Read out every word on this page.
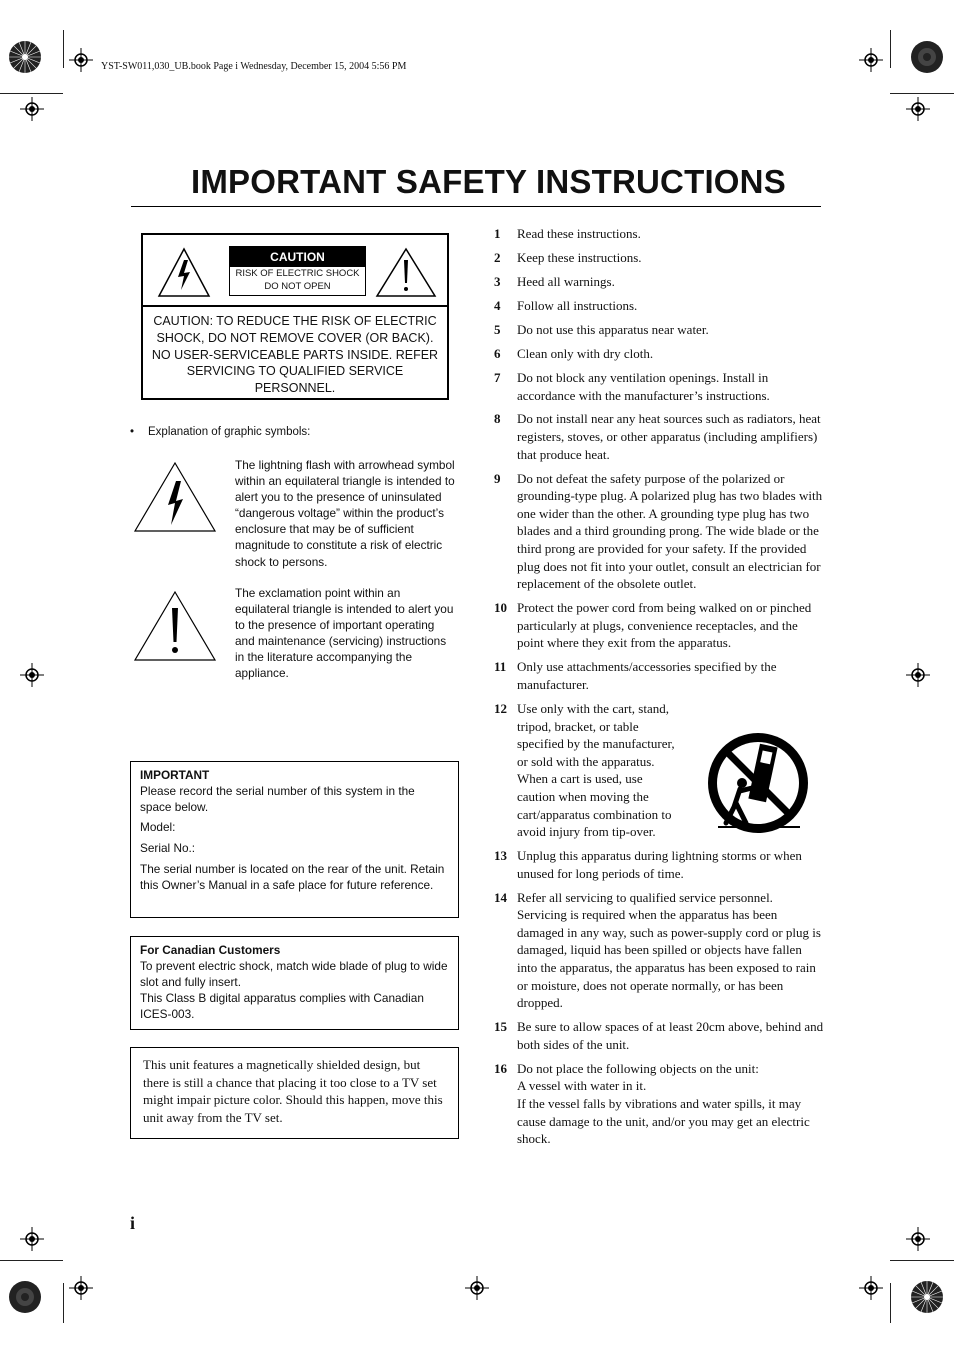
YST-SW011,030_UB.book Page i Wednesday, December 15, 2004 5:56 PM
IMPORTANT SAFETY INSTRUCTIONS
CAUTION
RISK OF ELECTRIC SHOCK
DO NOT OPEN
CAUTION: TO REDUCE THE RISK OF ELECTRIC SHOCK, DO NOT REMOVE COVER (OR BACK). NO USER-SERVICEABLE PARTS INSIDE. REFER SERVICING TO QUALIFIED SERVICE PERSONNEL.
• Explanation of graphic symbols:
The lightning flash with arrowhead symbol within an equilateral triangle is intended to alert you to the presence of uninsulated “dangerous voltage” within the product’s enclosure that may be of sufficient magnitude to constitute a risk of electric shock to persons.
The exclamation point within an equilateral triangle is intended to alert you to the presence of important operating and maintenance (servicing) instructions in the literature accompanying the appliance.
IMPORTANT
Please record the serial number of this system in the space below.
Model:
Serial No.:
The serial number is located on the rear of the unit. Retain this Owner’s Manual in a safe place for future reference.
For Canadian Customers
To prevent electric shock, match wide blade of plug to wide slot and fully insert.
This Class B digital apparatus complies with Canadian ICES-003.
This unit features a magnetically shielded design, but there is still a chance that placing it too close to a TV set might impair picture color. Should this happen, move this unit away from the TV set.
1	Read these instructions.
2	Keep these instructions.
3	Heed all warnings.
4	Follow all instructions.
5	Do not use this apparatus near water.
6	Clean only with dry cloth.
7	Do not block any ventilation openings. Install in accordance with the manufacturer’s instructions.
8	Do not install near any heat sources such as radiators, heat registers, stoves, or other apparatus (including amplifiers) that produce heat.
9	Do not defeat the safety purpose of the polarized or grounding-type plug. A polarized plug has two blades with one wider than the other. A grounding type plug has two blades and a third grounding prong. The wide blade or the third prong are provided for your safety. If the provided plug does not fit into your outlet, consult an electrician for replacement of the obsolete outlet.
10 Protect the power cord from being walked on or pinched particularly at plugs, convenience receptacles, and the point where they exit from the apparatus.
11 Only use attachments/accessories specified by the manufacturer.
12 Use only with the cart, stand, tripod, bracket, or table specified by the manufacturer, or sold with the apparatus. When a cart is used, use caution when moving the cart/apparatus combination to avoid injury from tip-over.
13 Unplug this apparatus during lightning storms or when unused for long periods of time.
14 Refer all servicing to qualified service personnel. Servicing is required when the apparatus has been damaged in any way, such as power-supply cord or plug is damaged, liquid has been spilled or objects have fallen into the apparatus, the apparatus has been exposed to rain or moisture, does not operate normally, or has been dropped.
15 Be sure to allow spaces of at least 20cm above, behind and both sides of the unit.
16 Do not place the following objects on the unit:
A vessel with water in it.
If the vessel falls by vibrations and water spills, it may cause damage to the unit, and/or you may get an electric shock.
i
